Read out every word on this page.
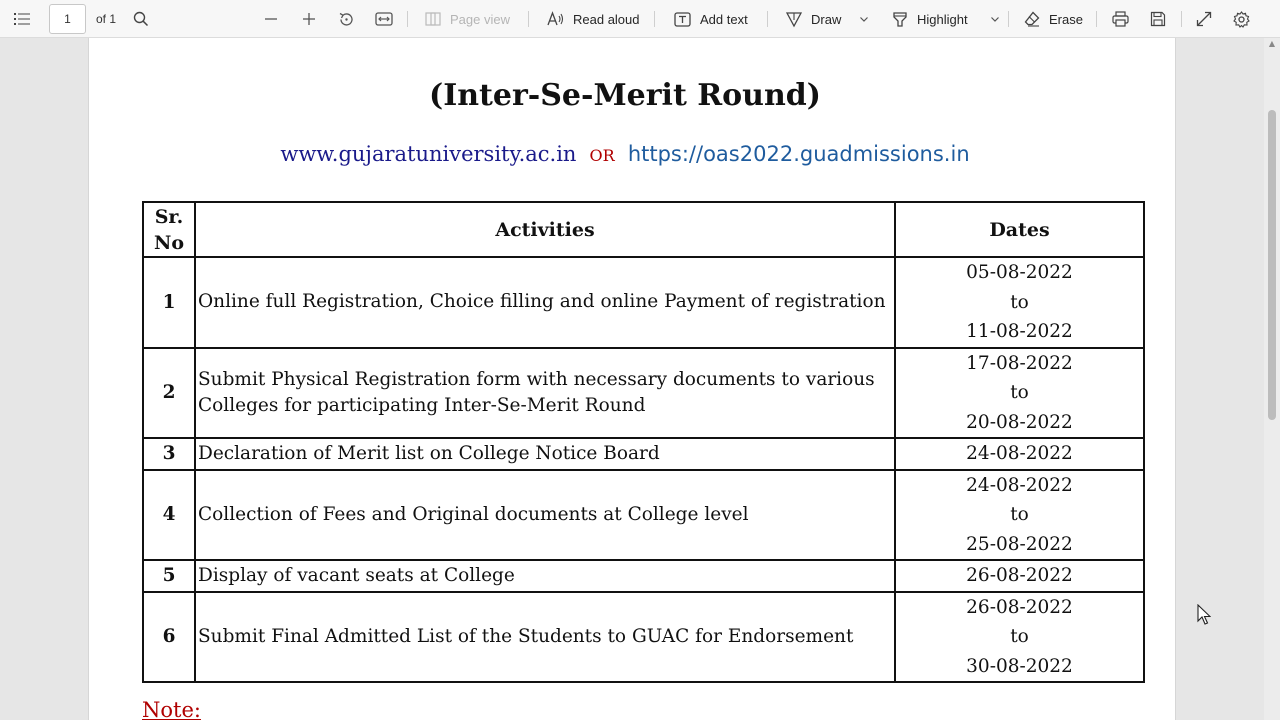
1	of 1	Page view	Read aloud	Add text	Draw	Highlight	Erase
(Inter-Se-Merit Round)
www.gujaratuniversity.ac.in OR https://oas2022.guadmissions.in
Sr. No	Activities	Dates
1	Online full Registration, Choice filling and online Payment of registration	05-08-2022
to
11-08-2022

2	Submit Physical Registration form with necessary documents to various Colleges for participating Inter-Se-Merit Round	17-08-2022
to
20-08-2022

3	Declaration of Merit list on College Notice Board	24-08-2022

4	Collection of Fees and Original documents at College level	24-08-2022
to
25-08-2022

5	Display of vacant seats at College	26-08-2022

6	Submit Final Admitted List of the Students to GUAC for Endorsement	26-08-2022
to
30-08-2022
Note:
▲
